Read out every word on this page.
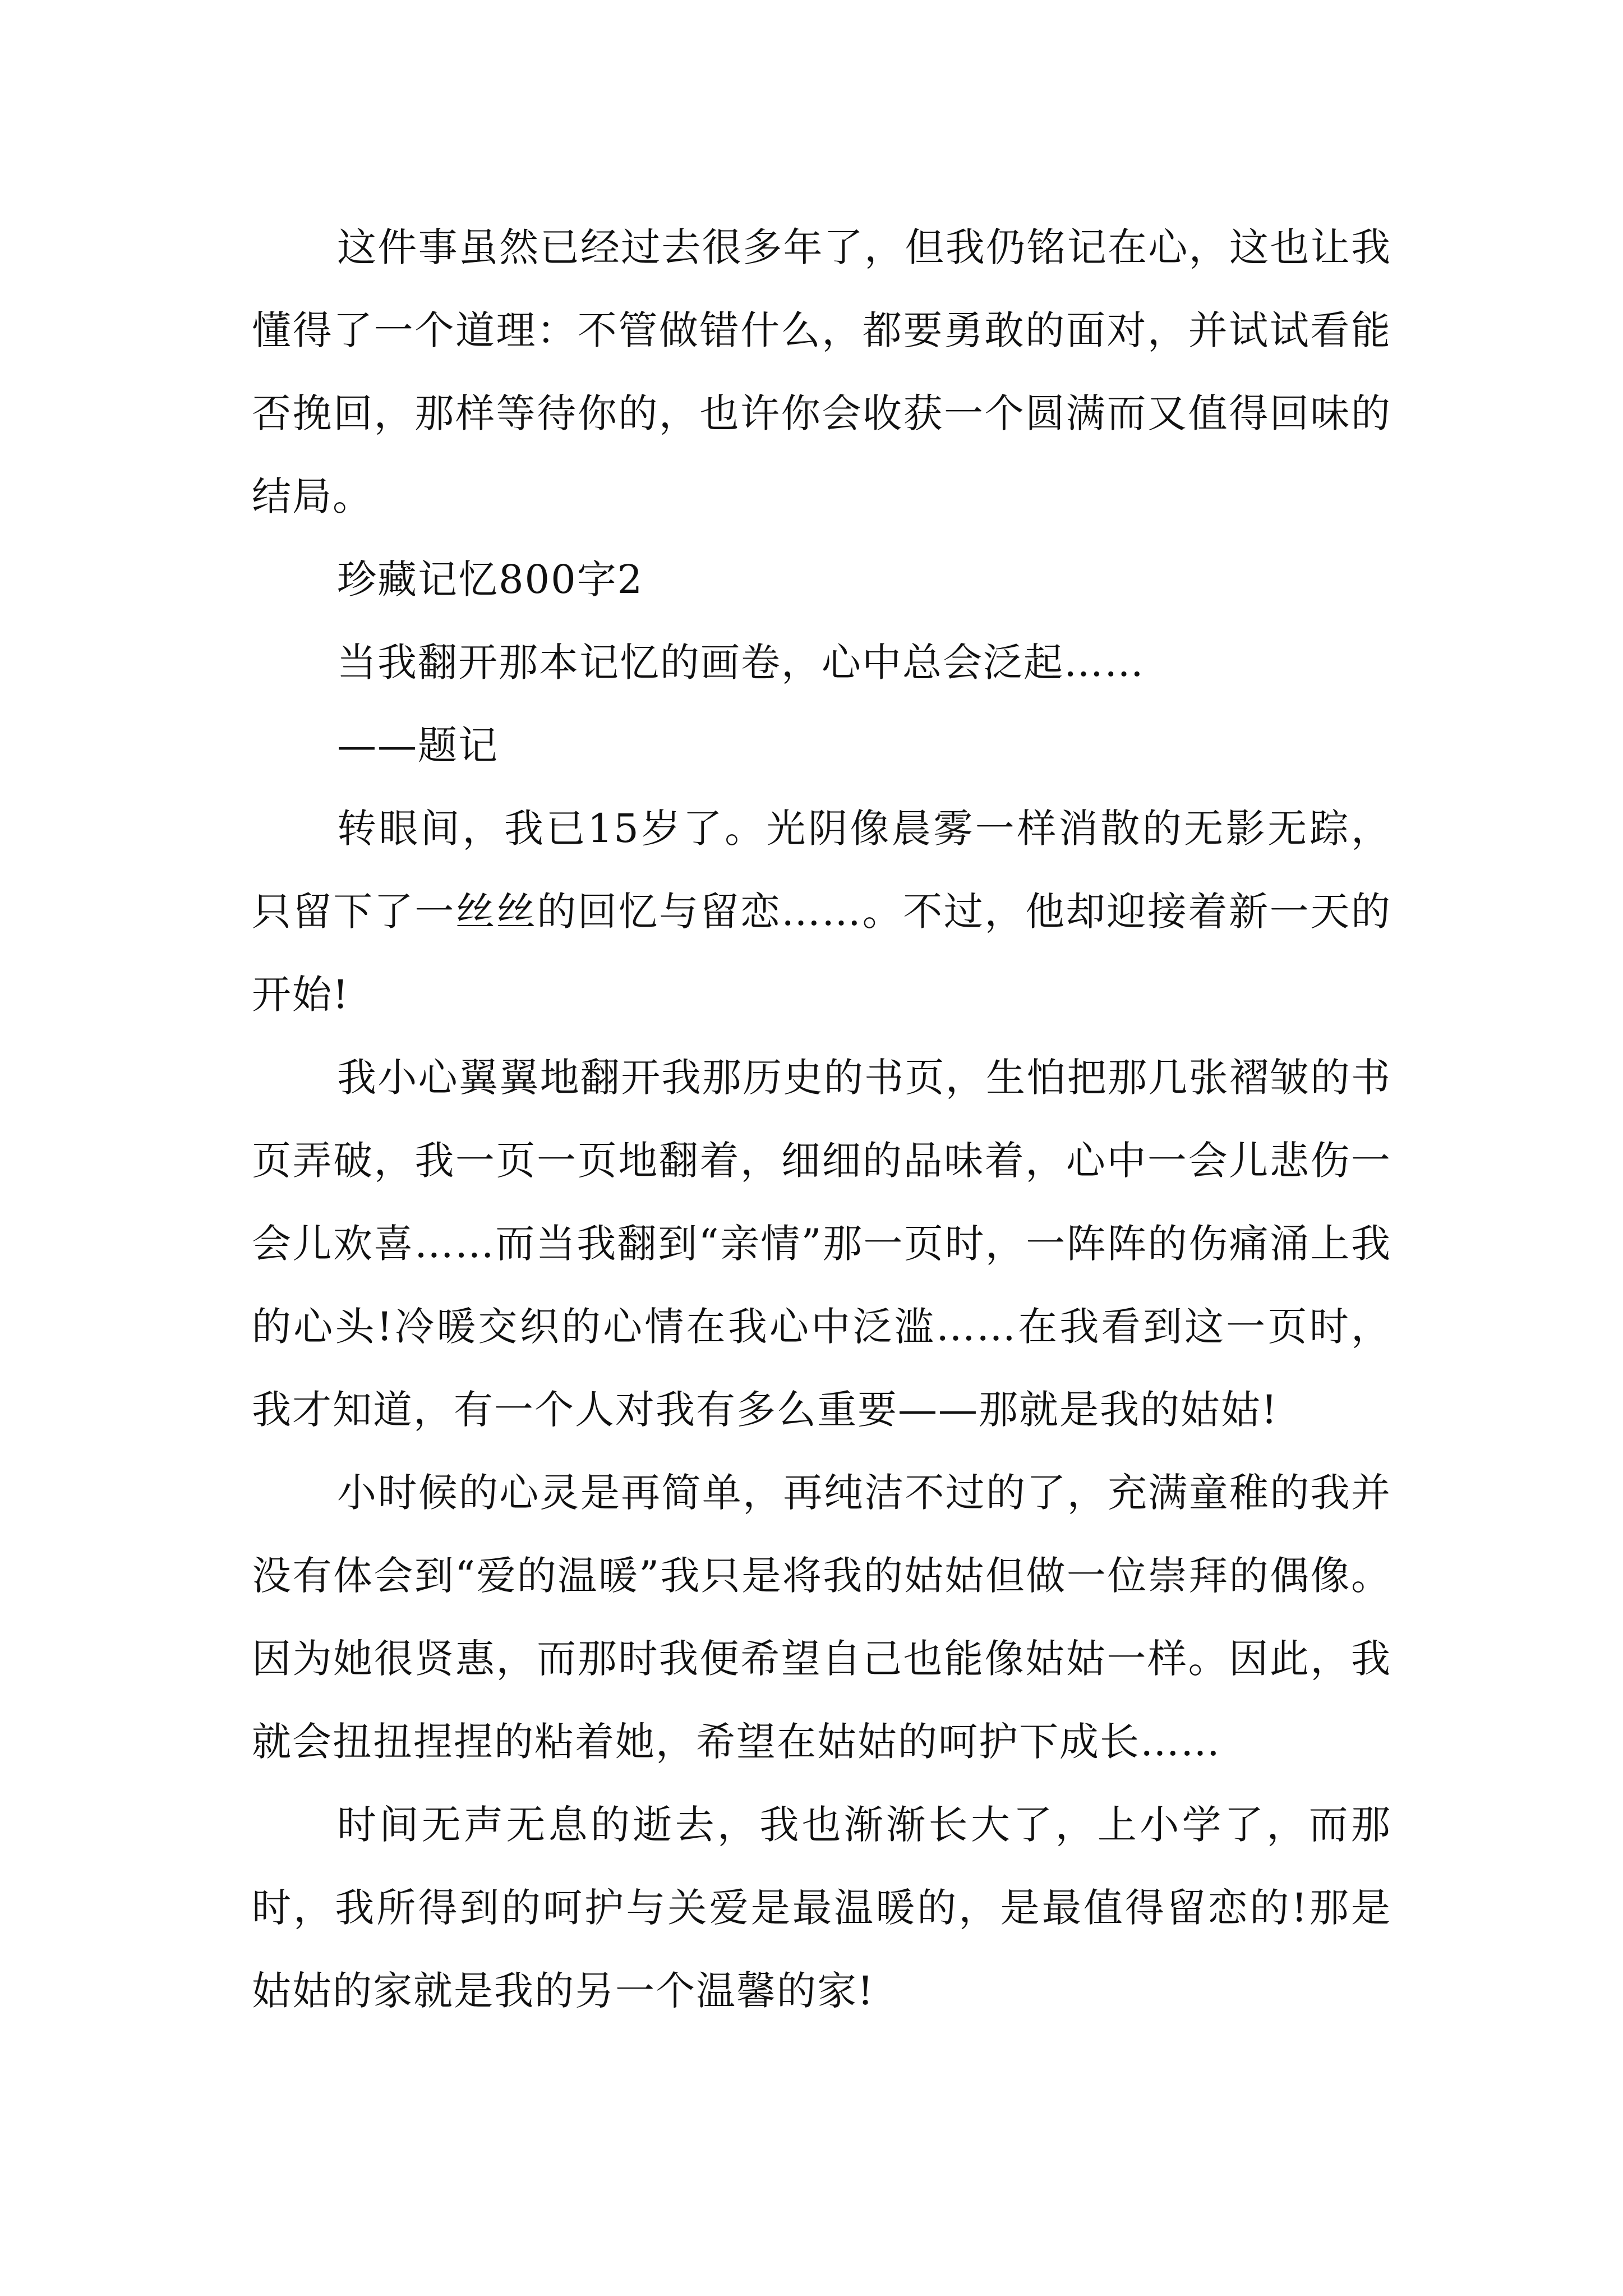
这件事虽然已经过去很多年了，但我仍铭记在心，这也让我懂得了一个道理：不管做错什么，都要勇敢的面对，并试试看能否挽回，那样等待你的，也许你会收获一个圆满而又值得回味的结局。

珍藏记忆800字2

当我翻开那本记忆的画卷，心中总会泛起……

——题记

转眼间，我已15岁了。光阴像晨雾一样消散的无影无踪，只留下了一丝丝的回忆与留恋……。不过，他却迎接着新一天的开始!

我小心翼翼地翻开我那历史的书页，生怕把那几张褶皱的书页弄破，我一页一页地翻着，细细的品味着，心中一会儿悲伤一会儿欢喜……而当我翻到“亲情”那一页时，一阵阵的伤痛涌上我的心头!冷暖交织的心情在我心中泛滥……在我看到这一页时，我才知道，有一个人对我有多么重要——那就是我的姑姑!

小时候的心灵是再简单，再纯洁不过的了，充满童稚的我并没有体会到“爱的温暖”我只是将我的姑姑但做一位崇拜的偶像。因为她很贤惠，而那时我便希望自己也能像姑姑一样。因此，我就会扭扭捏捏的粘着她，希望在姑姑的呵护下成长……

时间无声无息的逝去，我也渐渐长大了，上小学了，而那时，我所得到的呵护与关爱是最温暖的，是最值得留恋的!那是姑姑的家就是我的另一个温馨的家!
